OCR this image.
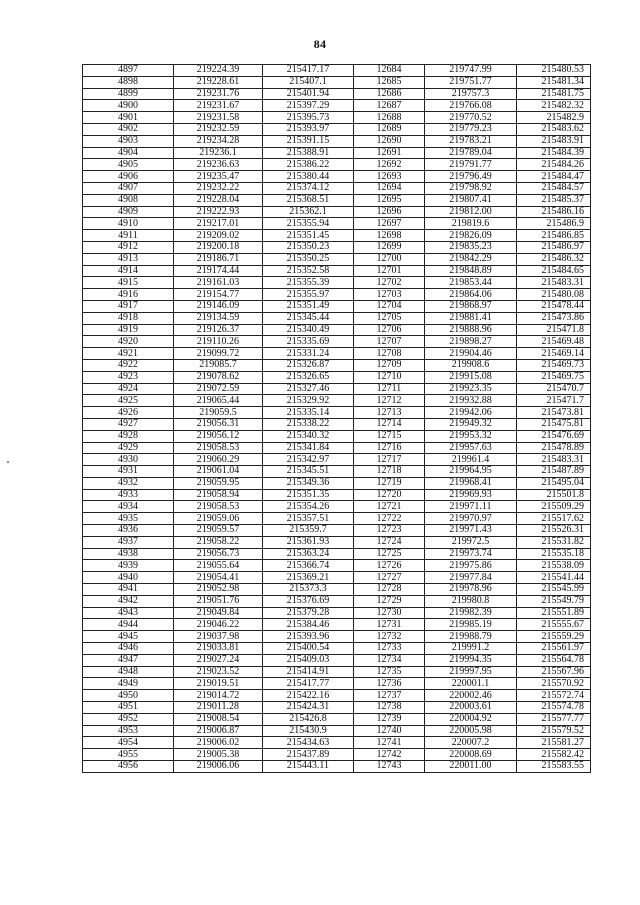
84
4897	219224.39	215417.17	12684	219747.99	215480.53
4898	219228.61	215407.1	12685	219751.77	215481.34
4899	219231.76	215401.94	12686	219757.3	215481.75
4900	219231.67	215397.29	12687	219766.08	215482.32
4901	219231.58	215395.73	12688	219770.52	215482.9
4902	219232.59	215393.97	12689	219779.23	215483.62
4903	219234.28	215391.15	12690	219783.21	215483.91
4904	219236.1	215388.91	12691	219789.04	215484.39
4905	219236.63	215386.22	12692	219791.77	215484.26
4906	219235.47	215380.44	12693	219796.49	215484.47
4907	219232.22	215374.12	12694	219798.92	215484.57
4908	219228.04	215368.51	12695	219807.41	215485.37
4909	219222.93	215362.1	12696	219812.00	215486.16
4910	219217.01	215355.94	12697	219819.6	215486.9
4911	219209.02	215351.45	12698	219826.09	215486.85
4912	219200.18	215350.23	12699	219835.23	215486.97
4913	219186.71	215350.25	12700	219842.29	215486.32
4914	219174.44	215352.58	12701	219848.89	215484.65
4915	219161.03	215355.39	12702	219853.44	215483.31
4916	219154.77	215355.97	12703	219864.06	215480.08
4917	219146.09	215351.49	12704	219868.97	215478.44
4918	219134.59	215345.44	12705	219881.41	215473.86
4919	219126.37	215340.49	12706	219888.96	215471.8
4920	219110.26	215335.69	12707	219898.27	215469.48
4921	219099.72	215331.24	12708	219904.46	215469.14
4922	219085.7	215326.87	12709	219908.6	215469.73
4923	219078.62	215326.65	12710	219915.08	215469.75
4924	219072.59	215327.46	12711	219923.35	215470.7
4925	219065.44	215329.92	12712	219932.88	215471.7
4926	219059.5	215335.14	12713	219942.06	215473.81
4927	219056.31	215338.22	12714	219949.32	215475.81
4928	219056.12	215340.32	12715	219953.32	215476.69
4929	219058.53	215341.84	12716	219957.63	215478.89
4930	219060.29	215342.97	12717	219961.4	215483.31
4931	219061.04	215345.51	12718	219964.95	215487.89
4932	219059.95	215349.36	12719	219968.41	215495.04
4933	219058.94	215351.35	12720	219969.93	215501.8
4934	219058.53	215354.26	12721	219971.11	215509.29
4935	219059.06	215357.51	12722	219970.97	215517.62
4936	219059.57	215359.7	12723	219971.43	215526.31
4937	219058.22	215361.93	12724	219972.5	215531.82
4938	219056.73	215363.24	12725	219973.74	215535.18
4939	219055.64	215366.74	12726	219975.86	215538.09
4940	219054.41	215369.21	12727	219977.84	215541.44
4941	219052.98	215373.3	12728	219978.96	215545.99
4942	219051.76	215376.69	12729	219980.8	215549.79
4943	219049.84	215379.28	12730	219982.39	215551.89
4944	219046.22	215384.46	12731	219985.19	215555.67
4945	219037.98	215393.96	12732	219988.79	215559.29
4946	219033.81	215400.54	12733	219991.2	215561.97
4947	219027.24	215409.03	12734	219994.35	215564.78
4948	219023.52	215414.91	12735	219997.95	215567.96
4949	219019.51	215417.77	12736	220001.1	215570.92
4950	219014.72	215422.16	12737	220002.46	215572.74
4951	219011.28	215424.31	12738	220003.61	215574.78
4952	219008.54	215426.8	12739	220004.92	215577.77
4953	219006.87	215430.9	12740	220005.98	215579.52
4954	219006.02	215434.63	12741	220007.2	215581.27
4955	219005.38	215437.89	12742	220008.69	215582.42
4956	219006.06	215443.11	12743	220011.00	215583.55
